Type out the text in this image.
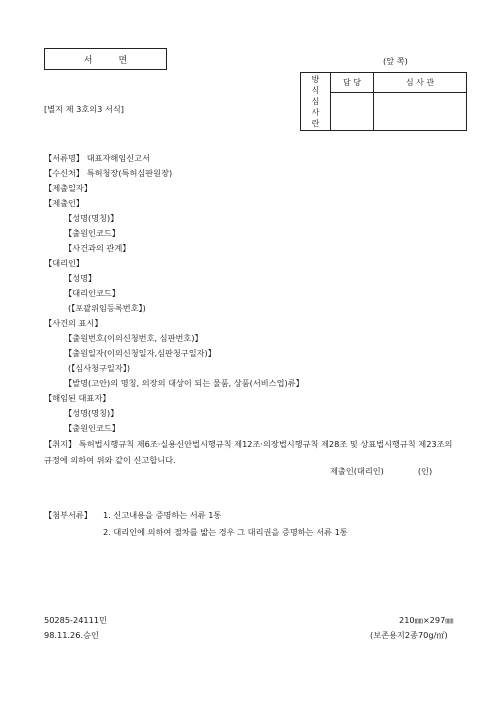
서면	(앞 쪽)
[별지 제 3호의3 서식]
방
식
심
사
란	담 당	심 사 관

【서류명】 대표자해임신고서
【수신처】 특허청장(특허심판원장)
【제출일자】
【제출인】
【성명(명칭)】
【출원인코드】
【사건과의 관계】
【대리인】
【성명】
【대리인코드】
(【포괄위임등록번호】)
【사건의 표시】
【출원번호(이의신청번호, 심판번호)】
【출원일자(이의신청일자,심판청구일자)】
(【심사청구일자】)
【발명(고안)의 명칭, 의장의 대상이 되는 물품, 상품(서비스업)류】
【해임된 대표자】
【성명(명칭)】
【출원인코드】
【취지】 특허법시행규칙 제6조·실용신안법시행규칙 제12조·의장법시행규칙 제28조 및 상표법시행규칙 제23조의 규정에 의하여 위와 같이 신고합니다.
제출인(대리인)	(인)
【첨부서류】 1. 신고내용을 증명하는 서류 1통
2. 대리인에 의하여 절차를 밟는 경우 그 대리권을 증명하는 서류 1통
50285-24111민
98.11.26.승인
210㎜×297㎜
(보존용지2종70g/㎡)
